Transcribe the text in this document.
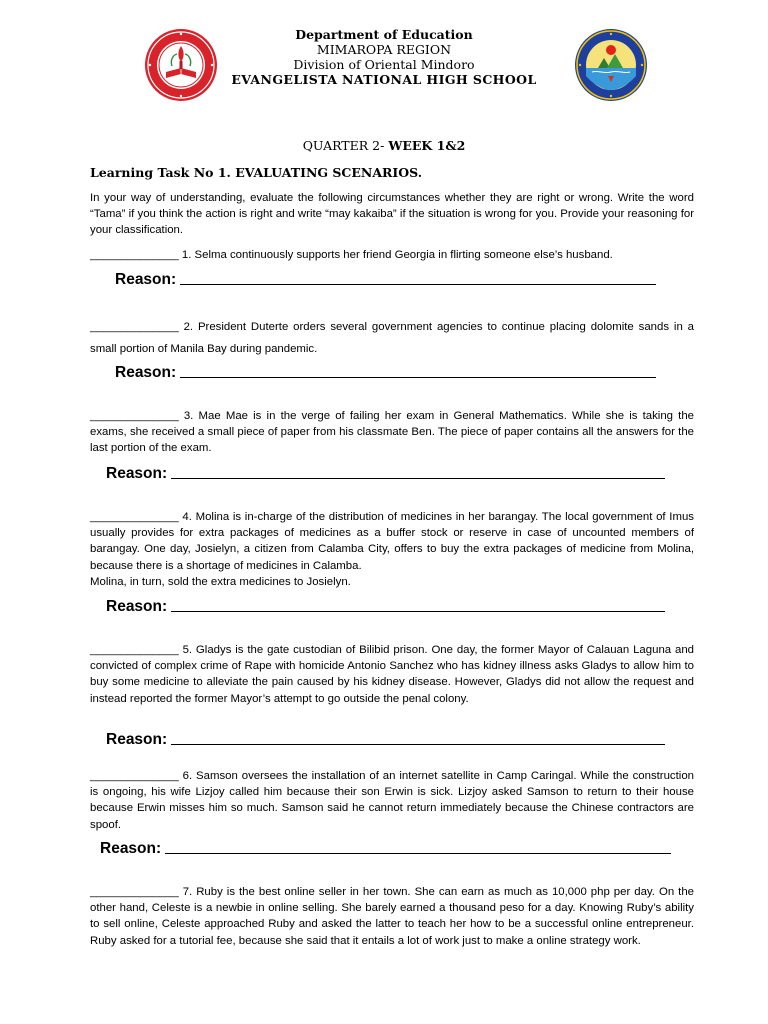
Department of Education
MIMAROPA REGION
Division of Oriental Mindoro
EVANGELISTA NATIONAL HIGH SCHOOL
QUARTER 2- WEEK 1&2
Learning Task No 1. EVALUATING SCENARIOS.
In your way of understanding, evaluate the following circumstances whether they are right or wrong. Write the word “Tama” if you think the action is right and write “may kakaiba” if the situation is wrong for you. Provide your reasoning for your classification.
______________ 1. Selma continuously supports her friend Georgia in flirting someone else’s husband.
Reason:
______________ 2. President Duterte orders several government agencies to continue placing dolomite sands in a small portion of Manila Bay during pandemic.
Reason:
______________ 3. Mae Mae is in the verge of failing her exam in General Mathematics. While she is taking the exams, she received a small piece of paper from his classmate Ben. The piece of paper contains all the answers for the last portion of the exam.
Reason:
______________ 4. Molina is in-charge of the distribution of medicines in her barangay. The local government of Imus usually provides for extra packages of medicines as a buffer stock or reserve in case of uncounted members of barangay. One day, Josielyn, a citizen from Calamba City, offers to buy the extra packages of medicine from Molina, because there is a shortage of medicines in Calamba.
Molina, in turn, sold the extra medicines to Josielyn.
Reason:
______________ 5. Gladys is the gate custodian of Bilibid prison. One day, the former Mayor of Calauan Laguna and convicted of complex crime of Rape with homicide Antonio Sanchez who has kidney illness asks Gladys to allow him to buy some medicine to alleviate the pain caused by his kidney disease. However, Gladys did not allow the request and instead reported the former Mayor’s attempt to go outside the penal colony.
Reason:
______________ 6. Samson oversees the installation of an internet satellite in Camp Caringal. While the construction is ongoing, his wife Lizjoy called him because their son Erwin is sick. Lizjoy asked Samson to return to their house because Erwin misses him so much. Samson said he cannot return immediately because the Chinese contractors are spoof.
Reason:
______________ 7. Ruby is the best online seller in her town. She can earn as much as 10,000 php per day. On the other hand, Celeste is a newbie in online selling. She barely earned a thousand peso for a day. Knowing Ruby’s ability to sell online, Celeste approached Ruby and asked the latter to teach her how to be a successful online entrepreneur. Ruby asked for a tutorial fee, because she said that it entails a lot of work just to make a online strategy work.
